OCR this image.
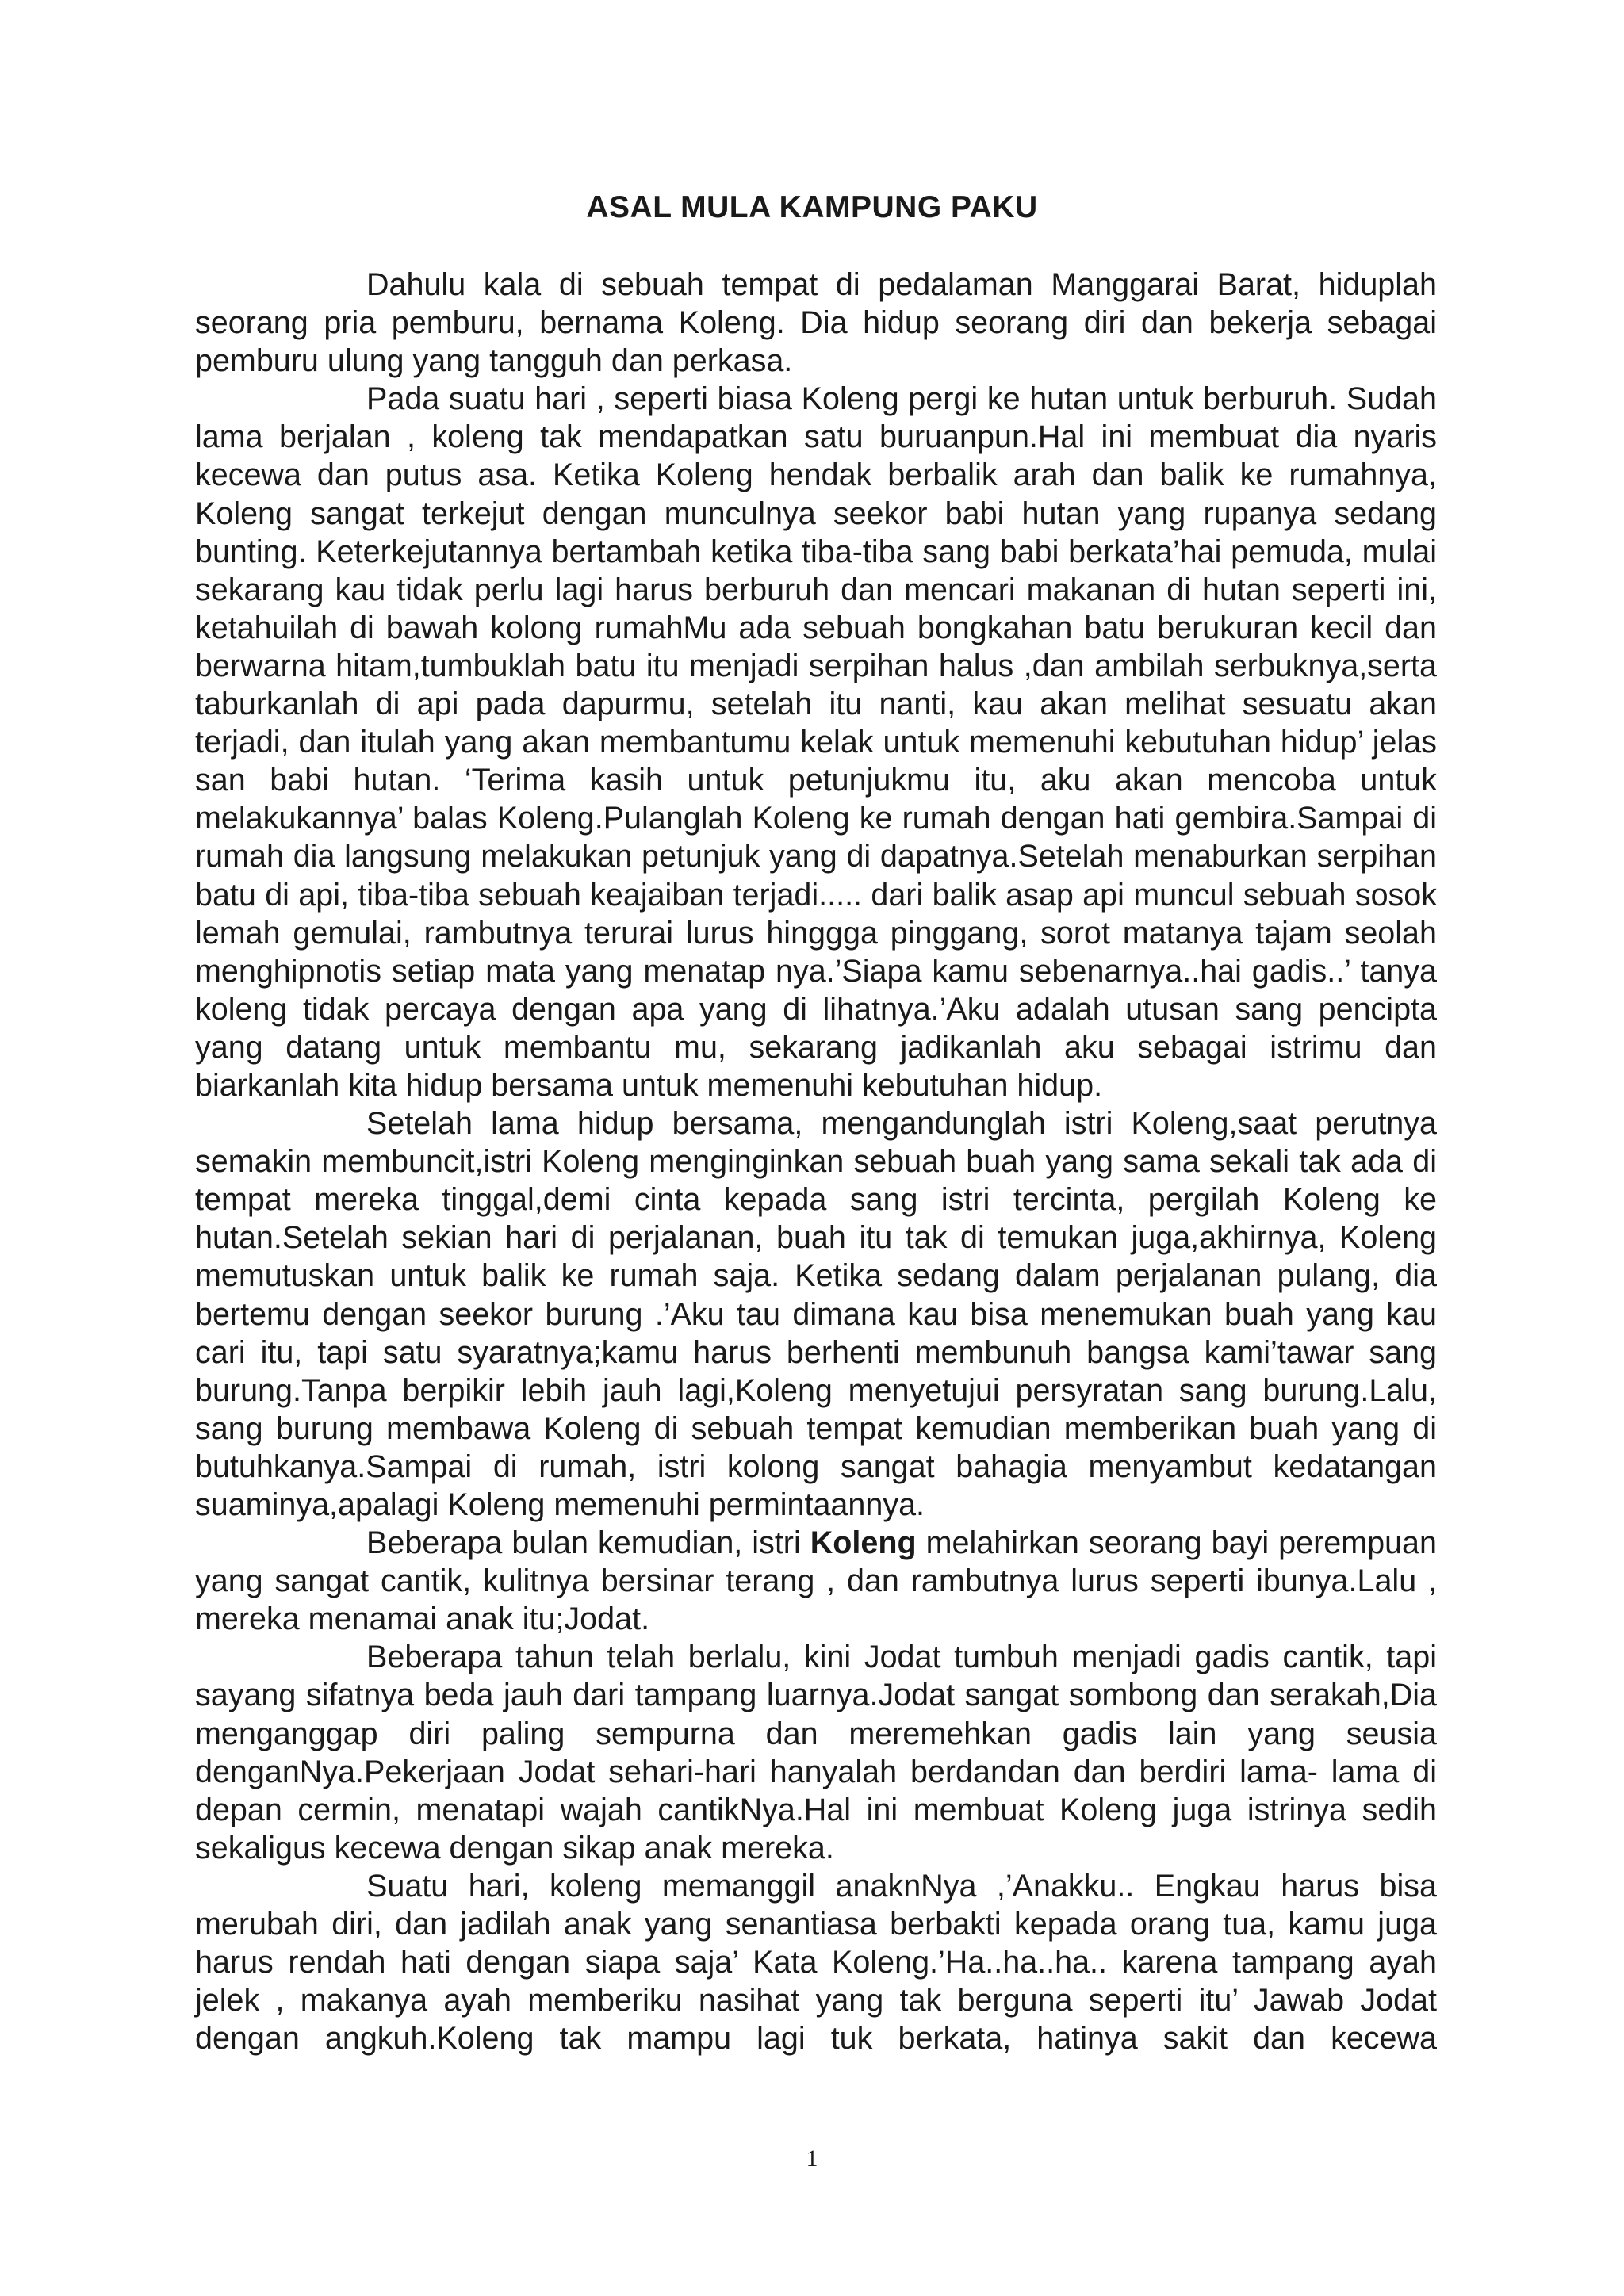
ASAL MULA KAMPUNG PAKU

Dahulu kala di sebuah tempat di pedalaman Manggarai Barat, hiduplah seorang pria pemburu, bernama Koleng. Dia hidup seorang diri dan bekerja sebagai pemburu ulung yang tangguh dan perkasa.

Pada suatu hari , seperti biasa Koleng pergi ke hutan untuk berburuh. Sudah lama berjalan , koleng tak mendapatkan satu buruanpun.Hal ini membuat dia nyaris kecewa dan putus asa. Ketika Koleng hendak berbalik arah dan balik ke rumahnya, Koleng sangat terkejut dengan munculnya seekor babi hutan yang rupanya sedang bunting. Keterkejutannya bertambah ketika tiba-tiba sang babi berkata’hai pemuda, mulai sekarang kau tidak perlu lagi harus berburuh dan mencari makanan di hutan seperti ini, ketahuilah di bawah kolong rumahMu ada sebuah bongkahan batu berukuran kecil dan berwarna hitam,tumbuklah batu itu menjadi serpihan halus ,dan ambilah serbuknya,serta taburkanlah di api pada dapurmu, setelah itu nanti, kau akan melihat sesuatu akan terjadi, dan itulah yang akan membantumu kelak untuk memenuhi kebutuhan hidup’ jelas san babi hutan. ‘Terima kasih untuk petunjukmu itu, aku akan mencoba untuk melakukannya’ balas Koleng.Pulanglah Koleng ke rumah dengan hati gembira.Sampai di rumah dia langsung melakukan petunjuk yang di dapatnya.Setelah menaburkan serpihan batu di api, tiba-tiba sebuah keajaiban terjadi..... dari balik asap api muncul sebuah sosok lemah gemulai, rambutnya terurai lurus hinggga pinggang, sorot matanya tajam seolah menghipnotis setiap mata yang menatap nya.’Siapa kamu sebenarnya..hai gadis..’ tanya koleng tidak percaya dengan apa yang di lihatnya.’Aku adalah utusan sang pencipta yang datang untuk membantu mu, sekarang jadikanlah aku sebagai istrimu dan biarkanlah kita hidup bersama untuk memenuhi kebutuhan hidup.

Setelah lama hidup bersama, mengandunglah istri Koleng,saat perutnya semakin membuncit,istri Koleng menginginkan sebuah buah yang sama sekali tak ada di tempat mereka tinggal,demi cinta kepada sang istri tercinta, pergilah Koleng ke hutan.Setelah sekian hari di perjalanan, buah itu tak di temukan juga,akhirnya, Koleng memutuskan untuk balik ke rumah saja. Ketika sedang dalam perjalanan pulang, dia bertemu dengan seekor burung .’Aku tau dimana kau bisa menemukan buah yang kau cari itu, tapi satu syaratnya;kamu harus berhenti membunuh bangsa kami’tawar sang burung.Tanpa berpikir lebih jauh lagi,Koleng menyetujui persyratan sang burung.Lalu, sang burung membawa Koleng di sebuah tempat kemudian memberikan buah yang di butuhkanya.Sampai di rumah, istri kolong sangat bahagia menyambut kedatangan suaminya,apalagi Koleng memenuhi permintaannya.

Beberapa bulan kemudian, istri Koleng melahirkan seorang bayi perempuan yang sangat cantik, kulitnya bersinar terang , dan rambutnya lurus seperti ibunya.Lalu , mereka menamai anak itu;Jodat.

Beberapa tahun telah berlalu, kini Jodat tumbuh menjadi gadis cantik, tapi sayang sifatnya beda jauh dari tampang luarnya.Jodat sangat sombong dan serakah,Dia menganggap diri paling sempurna dan meremehkan gadis lain yang seusia denganNya.Pekerjaan Jodat sehari-hari hanyalah berdandan dan berdiri lama- lama di depan cermin, menatapi wajah cantikNya.Hal ini membuat Koleng juga istrinya sedih sekaligus kecewa dengan sikap anak mereka.

Suatu hari, koleng memanggil anaknNya ,’Anakku.. Engkau harus bisa merubah diri, dan jadilah anak yang senantiasa berbakti kepada orang tua, kamu juga harus rendah hati dengan siapa saja’ Kata Koleng.’Ha..ha..ha.. karena tampang ayah jelek , makanya ayah memberiku nasihat yang tak berguna seperti itu’ Jawab Jodat dengan angkuh.Koleng tak mampu lagi tuk berkata, hatinya sakit dan kecewa

1
